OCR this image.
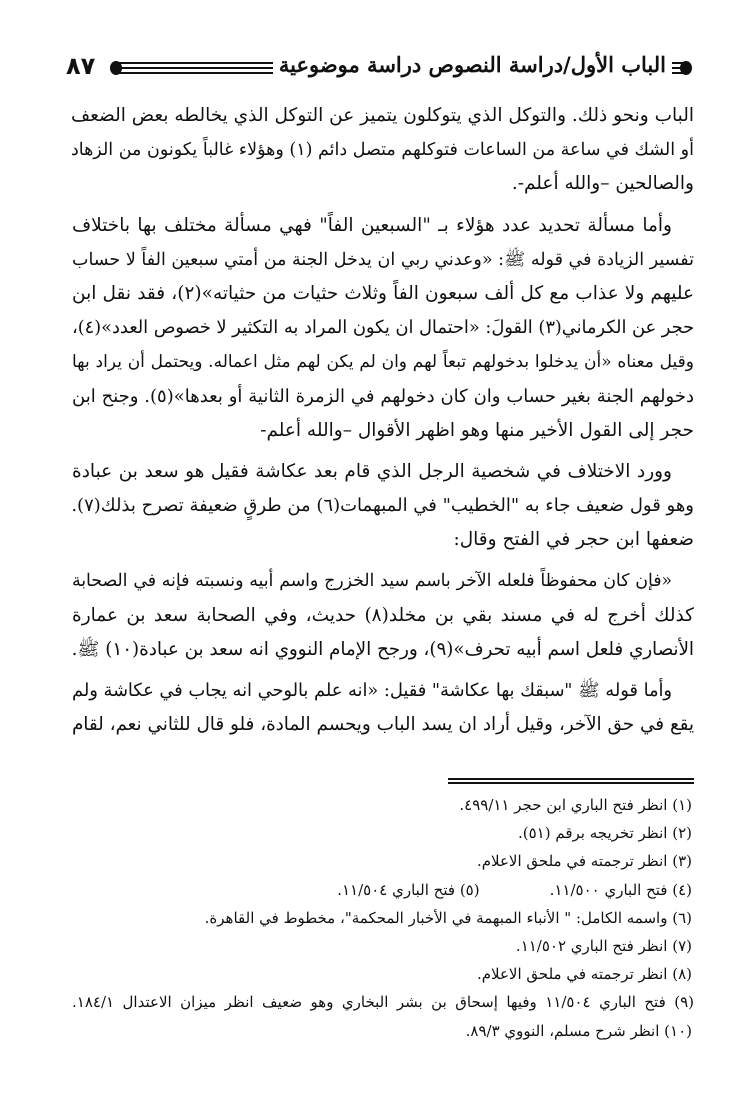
٨٧	الباب الأول/دراسة النصوص دراسة موضوعية
الباب ونحو ذلك. والتوكل الذي يتوكلون يتميز عن التوكل الذي يخالطه بعض الضعف
أو الشك في ساعة من الساعات فتوكلهم متصل دائم (١) وهؤلاء غالباً يكونون من الزهاد
والصالحين –والله أعلم-.
وأما مسألة تحديد عدد هؤلاء بـ "السبعين الفاً" فهي مسألة مختلف بها باختلاف
تفسير الزيادة في قوله ﷺ: «وعدني ربي ان يدخل الجنة من أمتي سبعين الفاً لا حساب
عليهم ولا عذاب مع كل ألف سبعون الفاً وثلاث حثيات من حثياته»(٢)، فقد نقل ابن
حجر عن الكرماني(٣) القولَ: «احتمال ان يكون المراد به التكثير لا خصوص العدد»(٤)،
وقيل معناه «أن يدخلوا بدخولهم تبعاً لهم وان لم يكن لهم مثل اعماله. ويحتمل أن يراد بها
دخولهم الجنة بغير حساب وان كان دخولهم في الزمرة الثانية أو بعدها»(٥). وجنح ابن
حجر إلى القول الأخير منها وهو اظهر الأقوال –والله أعلم-
وورد الاختلاف في شخصية الرجل الذي قام بعد عكاشة فقيل هو سعد بن عبادة
وهو قول ضعيف جاء به "الخطيب" في المبهمات(٦) من طرقٍ ضعيفة تصرح بذلك(٧).
ضعفها ابن حجر في الفتح وقال:
«فإن كان محفوظاً فلعله الآخر باسم سيد الخزرج واسم أبيه ونسبته فإنه في الصحابة
كذلك أخرج له في مسند بقي بن مخلد(٨) حديث، وفي الصحابة سعد بن عمارة
الأنصاري فلعل اسم أبيه تحرف»(٩)، ورجح الإمام النووي انه سعد بن عبادة(١٠) ﷺ.
وأما قوله ﷺ "سبقك بها عكاشة" فقيل: «انه علم بالوحي انه يجاب في عكاشة ولم
يقع في حق الآخر، وقيل أراد ان يسد الباب ويحسم المادة، فلو قال للثاني نعم، لقام
(١) انظر فتح الباري ابن حجر ٤٩٩/١١.
(٢) انظر تخريجه برقم (٥١).
(٣) انظر ترجمته في ملحق الاعلام.
(٤) فتح الباري ١١/٥٠٠.(٥) فتح الباري ١١/٥٠٤.
(٦) واسمه الكامل: " الأنباء المبهمة في الأخبار المحكمة"، مخطوط في القاهرة.
(٧) انظر فتح الباري ١١/٥٠٢.
(٨) انظر ترجمته في ملحق الاعلام.
(٩) فتح الباري ١١/٥٠٤ وفيها إسحاق بن بشر البخاري وهو ضعيف انظر ميزان الاعتدال ١٨٤/١.
(١٠) انظر شرح مسلم، النووي ٨٩/٣.
